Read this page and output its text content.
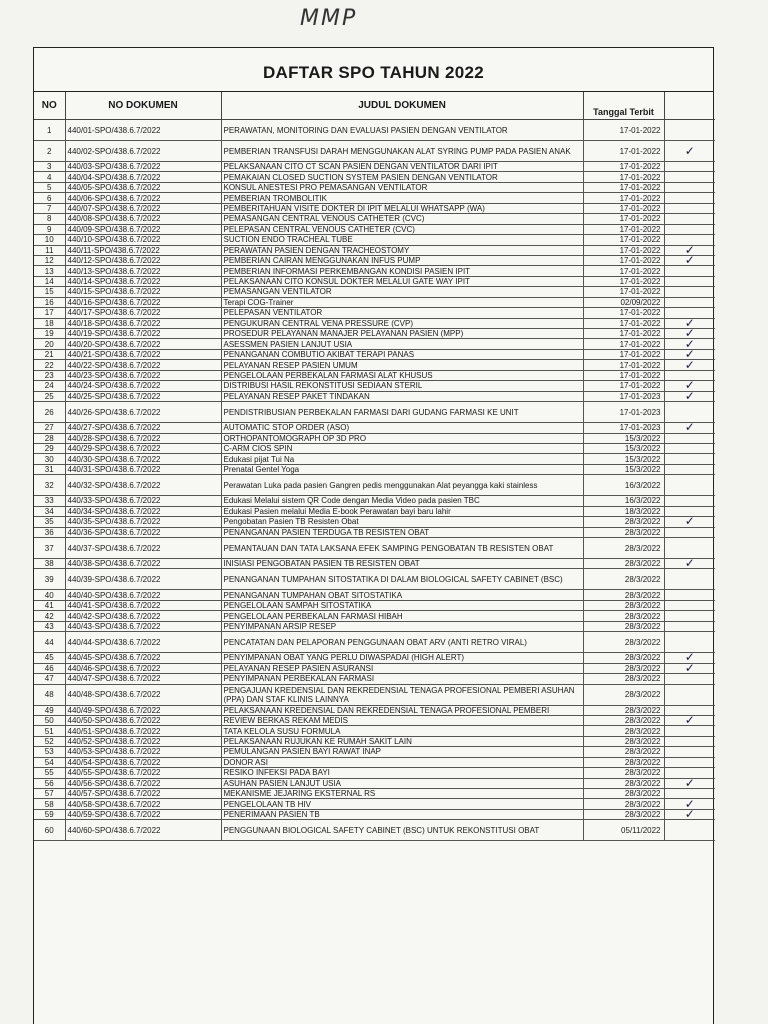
MMP
DAFTAR SPO TAHUN 2022
NO	NO DOKUMEN	JUDUL DOKUMEN	Tanggal Terbit	
1	440/01-SPO/438.6.7/2022	PERAWATAN, MONITORING DAN EVALUASI PASIEN DENGAN VENTILATOR	17-01-2022	
2	440/02-SPO/438.6.7/2022	PEMBERIAN TRANSFUSI DARAH MENGGUNAKAN ALAT SYRING PUMP PADA PASIEN ANAK	17-01-2022	✓
3	440/03-SPO/438.6.7/2022	PELAKSANAAN CITO CT SCAN PASIEN DENGAN VENTILATOR DARI IPIT	17-01-2022	
4	440/04-SPO/438.6.7/2022	PEMAKAIAN CLOSED SUCTION SYSTEM PASIEN DENGAN VENTILATOR	17-01-2022	
5	440/05-SPO/438.6.7/2022	KONSUL ANESTESI PRO PEMASANGAN VENTILATOR	17-01-2022	
6	440/06-SPO/438.6.7/2022	PEMBERIAN TROMBOLITIK	17-01-2022	
7	440/07-SPO/438.6.7/2022	PEMBERITAHUAN VISITE DOKTER DI IPIT MELALUI WHATSAPP (WA)	17-01-2022	
8	440/08-SPO/438.6.7/2022	PEMASANGAN CENTRAL VENOUS CATHETER (CVC)	17-01-2022	
9	440/09-SPO/438.6.7/2022	PELEPASAN CENTRAL VENOUS CATHETER (CVC)	17-01-2022	
10	440/10-SPO/438.6.7/2022	SUCTION ENDO TRACHEAL TUBE	17-01-2022	
11	440/11-SPO/438.6.7/2022	PERAWATAN PASIEN DENGAN TRACHEOSTOMY	17-01-2022	✓
12	440/12-SPO/438.6.7/2022	PEMBERIAN CAIRAN MENGGUNAKAN INFUS PUMP	17-01-2022	✓
13	440/13-SPO/438.6.7/2022	PEMBERIAN INFORMASI PERKEMBANGAN KONDISI PASIEN IPIT	17-01-2022	
14	440/14-SPO/438.6.7/2022	PELAKSANAAN CITO KONSUL DOKTER MELALUI GATE WAY IPIT	17-01-2022	
15	440/15-SPO/438.6.7/2022	PEMASANGAN VENTILATOR	17-01-2022	
16	440/16-SPO/438.6.7/2022	Terapi COG-Trainer	02/09/2022	
17	440/17-SPO/438.6.7/2022	PELEPASAN VENTILATOR	17-01-2022	
18	440/18-SPO/438.6.7/2022	PENGUKURAN CENTRAL VENA PRESSURE (CVP)	17-01-2022	✓
19	440/19-SPO/438.6.7/2022	PROSEDUR PELAYANAN MANAJER PELAYANAN PASIEN (MPP)	17-01-2022	✓
20	440/20-SPO/438.6.7/2022	ASESSMEN PASIEN LANJUT USIA	17-01-2022	✓
21	440/21-SPO/438.6.7/2022	PENANGANAN COMBUTIO AKIBAT TERAPI PANAS	17-01-2022	✓
22	440/22-SPO/438.6.7/2022	PELAYANAN RESEP PASIEN UMUM	17-01-2022	✓
23	440/23-SPO/438.6.7/2022	PENGELOLAAN PERBEKALAN FARMASI ALAT KHUSUS	17-01-2022	
24	440/24-SPO/438.6.7/2022	DISTRIBUSI HASIL REKONSTITUSI SEDIAAN STERIL	17-01-2022	✓
25	440/25-SPO/438.6.7/2022	PELAYANAN RESEP PAKET TINDAKAN	17-01-2023	✓
26	440/26-SPO/438.6.7/2022	PENDISTRIBUSIAN PERBEKALAN FARMASI DARI GUDANG FARMASI KE UNIT	17-01-2023	
27	440/27-SPO/438.6.7/2022	AUTOMATIC STOP ORDER (ASO)	17-01-2023	✓
28	440/28-SPO/438.6.7/2022	ORTHOPANTOMOGRAPH OP 3D PRO	15/3/2022	
29	440/29-SPO/438.6.7/2022	C-ARM CIOS SPIN	15/3/2022	
30	440/30-SPO/438.6.7/2022	Edukasi pijat Tui Na	15/3/2022	
31	440/31-SPO/438.6.7/2022	Prenatal Gentel Yoga	15/3/2022	
32	440/32-SPO/438.6.7/2022	Perawatan Luka pada pasien Gangren pedis menggunakan Alat peyangga kaki stainless	16/3/2022	
33	440/33-SPO/438.6.7/2022	Edukasi Melalui sistem QR Code dengan Media Video pada pasien TBC	16/3/2022	
34	440/34-SPO/438.6.7/2022	Edukasi Pasien melalui Media E-book Perawatan bayi baru lahir	18/3/2022	
35	440/35-SPO/438.6.7/2022	Pengobatan Pasien TB Resisten Obat	28/3/2022	✓
36	440/36-SPO/438.6.7/2022	PENANGANAN PASIEN TERDUGA TB RESISTEN OBAT	28/3/2022	
37	440/37-SPO/438.6.7/2022	PEMANTAUAN DAN TATA LAKSANA EFEK SAMPING PENGOBATAN TB RESISTEN OBAT	28/3/2022	
38	440/38-SPO/438.6.7/2022	INISIASI PENGOBATAN PASIEN TB RESISTEN OBAT	28/3/2022	✓
39	440/39-SPO/438.6.7/2022	PENANGANAN TUMPAHAN SITOSTATIKA DI DALAM BIOLOGICAL SAFETY CABINET (BSC)	28/3/2022	
40	440/40-SPO/438.6.7/2022	PENANGANAN TUMPAHAN OBAT SITOSTATIKA	28/3/2022	
41	440/41-SPO/438.6.7/2022	PENGELOLAAN SAMPAH SITOSTATIKA	28/3/2022	
42	440/42-SPO/438.6.7/2022	PENGELOLAAN PERBEKALAN FARMASI HIBAH	28/3/2022	
43	440/43-SPO/438.6.7/2022	PENYIMPANAN ARSIP RESEP	28/3/2022	
44	440/44-SPO/438.6.7/2022	PENCATATAN DAN PELAPORAN PENGGUNAAN OBAT ARV (ANTI RETRO VIRAL)	28/3/2022	
45	440/45-SPO/438.6.7/2022	PENYIMPANAN OBAT YANG PERLU DIWASPADAI (HIGH ALERT)	28/3/2022	✓
46	440/46-SPO/438.6.7/2022	PELAYANAN RESEP PASIEN ASURANSI	28/3/2022	✓
47	440/47-SPO/438.6.7/2022	PENYIMPANAN PERBEKALAN FARMASI	28/3/2022	
48	440/48-SPO/438.6.7/2022	PENGAJUAN KREDENSIAL DAN REKREDENSIAL TENAGA PROFESIONAL PEMBERI ASUHAN (PPA) DAN STAF KLINIS LAINNYA	28/3/2022	
49	440/49-SPO/438.6.7/2022	PELAKSANAAN KREDENSIAL DAN REKREDENSIAL TENAGA PROFESIONAL PEMBERI	28/3/2022	
50	440/50-SPO/438.6.7/2022	REVIEW BERKAS REKAM MEDIS	28/3/2022	✓
51	440/51-SPO/438.6.7/2022	TATA KELOLA SUSU FORMULA	28/3/2022	
52	440/52-SPO/438.6.7/2022	PELAKSANAAN RUJUKAN KE RUMAH SAKIT LAIN	28/3/2022	
53	440/53-SPO/438.6.7/2022	PEMULANGAN PASIEN BAYI RAWAT INAP	28/3/2022	
54	440/54-SPO/438.6.7/2022	DONOR ASI	28/3/2022	
55	440/55-SPO/438.6.7/2022	RESIKO INFEKSI PADA BAYI	28/3/2022	
56	440/56-SPO/438.6.7/2022	ASUHAN PASIEN LANJUT USIA	28/3/2022	✓
57	440/57-SPO/438.6.7/2022	MEKANISME JEJARING EKSTERNAL RS	28/3/2022	
58	440/58-SPO/438.6.7/2022	PENGELOLAAN TB HIV	28/3/2022	✓
59	440/59-SPO/438.6.7/2022	PENERIMAAN PASIEN TB	28/3/2022	✓
60	440/60-SPO/438.6.7/2022	PENGGUNAAN BIOLOGICAL SAFETY CABINET (BSC) UNTUK REKONSTITUSI OBAT	05/11/2022	
